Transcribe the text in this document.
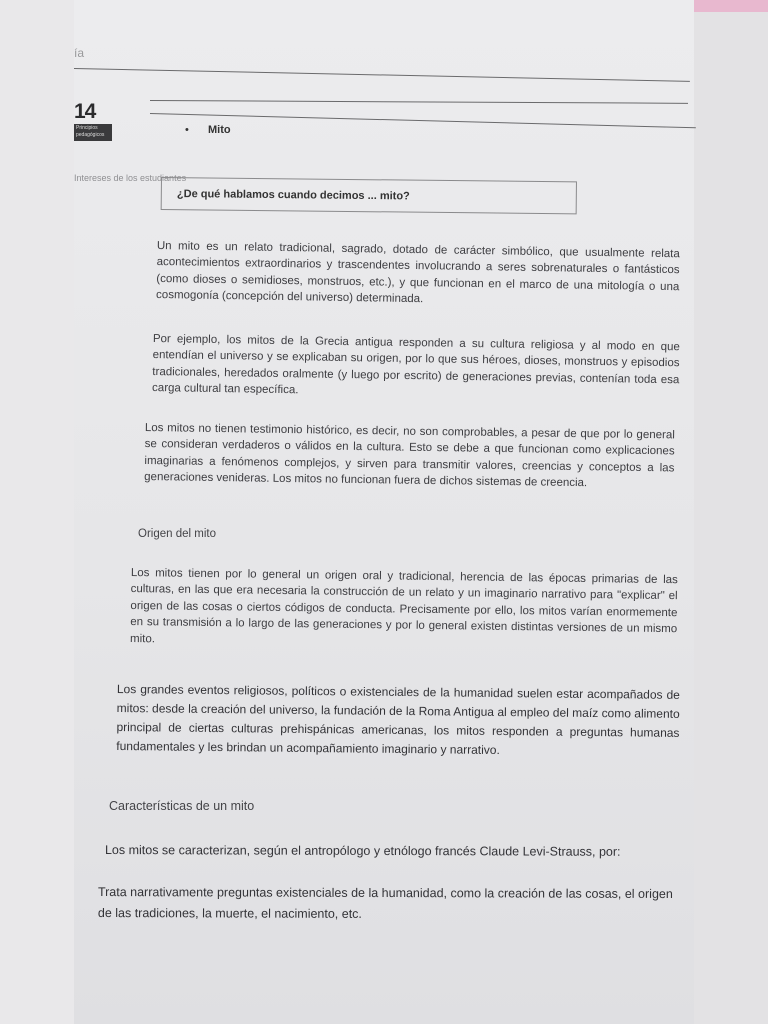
ía
14
Principios pedagógicos
Intereses de los estudiantes
• Mito
¿De qué hablamos cuando decimos ... mito?

Un mito es un relato tradicional, sagrado, dotado de carácter simbólico, que usualmente relata acontecimientos extraordinarios y trascendentes involucrando a seres sobrenaturales o fantásticos (como dioses o semidioses, monstruos, etc.), y que funcionan en el marco de una mitología o una cosmogonía (concepción del universo) determinada.

Por ejemplo, los mitos de la Grecia antigua responden a su cultura religiosa y al modo en que entendían el universo y se explicaban su origen, por lo que sus héroes, dioses, monstruos y episodios tradicionales, heredados oralmente (y luego por escrito) de generaciones previas, contenían toda esa carga cultural tan específica.

Los mitos no tienen testimonio histórico, es decir, no son comprobables, a pesar de que por lo general se consideran verdaderos o válidos en la cultura. Esto se debe a que funcionan como explicaciones imaginarias a fenómenos complejos, y sirven para transmitir valores, creencias y conceptos a las generaciones venideras. Los mitos no funcionan fuera de dichos sistemas de creencia.

Origen del mito

Los mitos tienen por lo general un origen oral y tradicional, herencia de las épocas primarias de las culturas, en las que era necesaria la construcción de un relato y un imaginario narrativo para "explicar" el origen de las cosas o ciertos códigos de conducta. Precisamente por ello, los mitos varían enormemente en su transmisión a lo largo de las generaciones y por lo general existen distintas versiones de un mismo mito.

Los grandes eventos religiosos, políticos o existenciales de la humanidad suelen estar acompañados de mitos: desde la creación del universo, la fundación de la Roma Antigua al empleo del maíz como alimento principal de ciertas culturas prehispánicas americanas, los mitos responden a preguntas humanas fundamentales y les brindan un acompañamiento imaginario y narrativo.

Características de un mito

Los mitos se caracterizan, según el antropólogo y etnólogo francés Claude Levi-Strauss, por:

Trata narrativamente preguntas existenciales de la humanidad, como la creación de las cosas, el origen de las tradiciones, la muerte, el nacimiento, etc.
